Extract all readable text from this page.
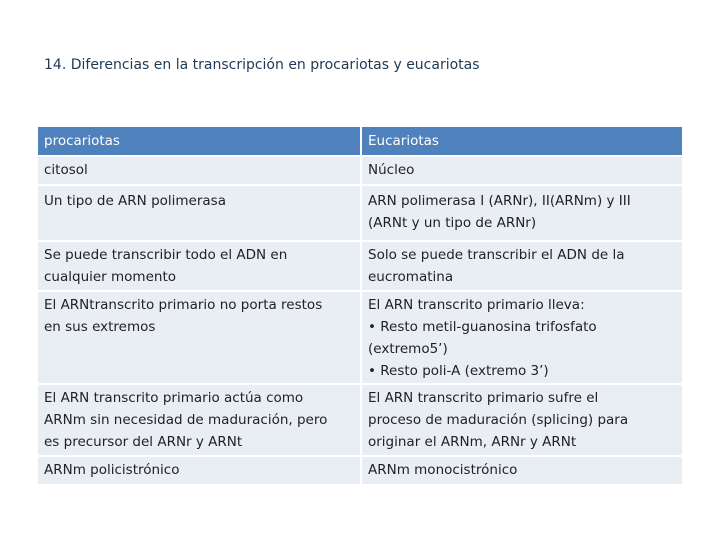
14. Diferencias en la transcripción en procariotas y eucariotas
procariotas	Eucariotas

citosol	Núcleo

Un tipo de ARN polimerasa	ARN polimerasa I (ARNr), II(ARNm) y III
(ARNt y un tipo de ARNr)

Se puede transcribir todo el ADN en
cualquier momento	Solo se puede transcribir el ADN de la
eucromatina

El ARNtranscrito primario no porta restos
en sus extremos	El ARN transcrito primario lleva:
• Resto metil-guanosina trifosfato
(extremo5’)
• Resto poli-A (extremo 3’)

El ARN transcrito primario actúa como
ARNm sin necesidad de maduración, pero
es precursor del ARNr y ARNt	El ARN transcrito primario sufre el
proceso de maduración (splicing) para
originar el ARNm, ARNr y ARNt

ARNm policistrónico	ARNm monocistrónico
